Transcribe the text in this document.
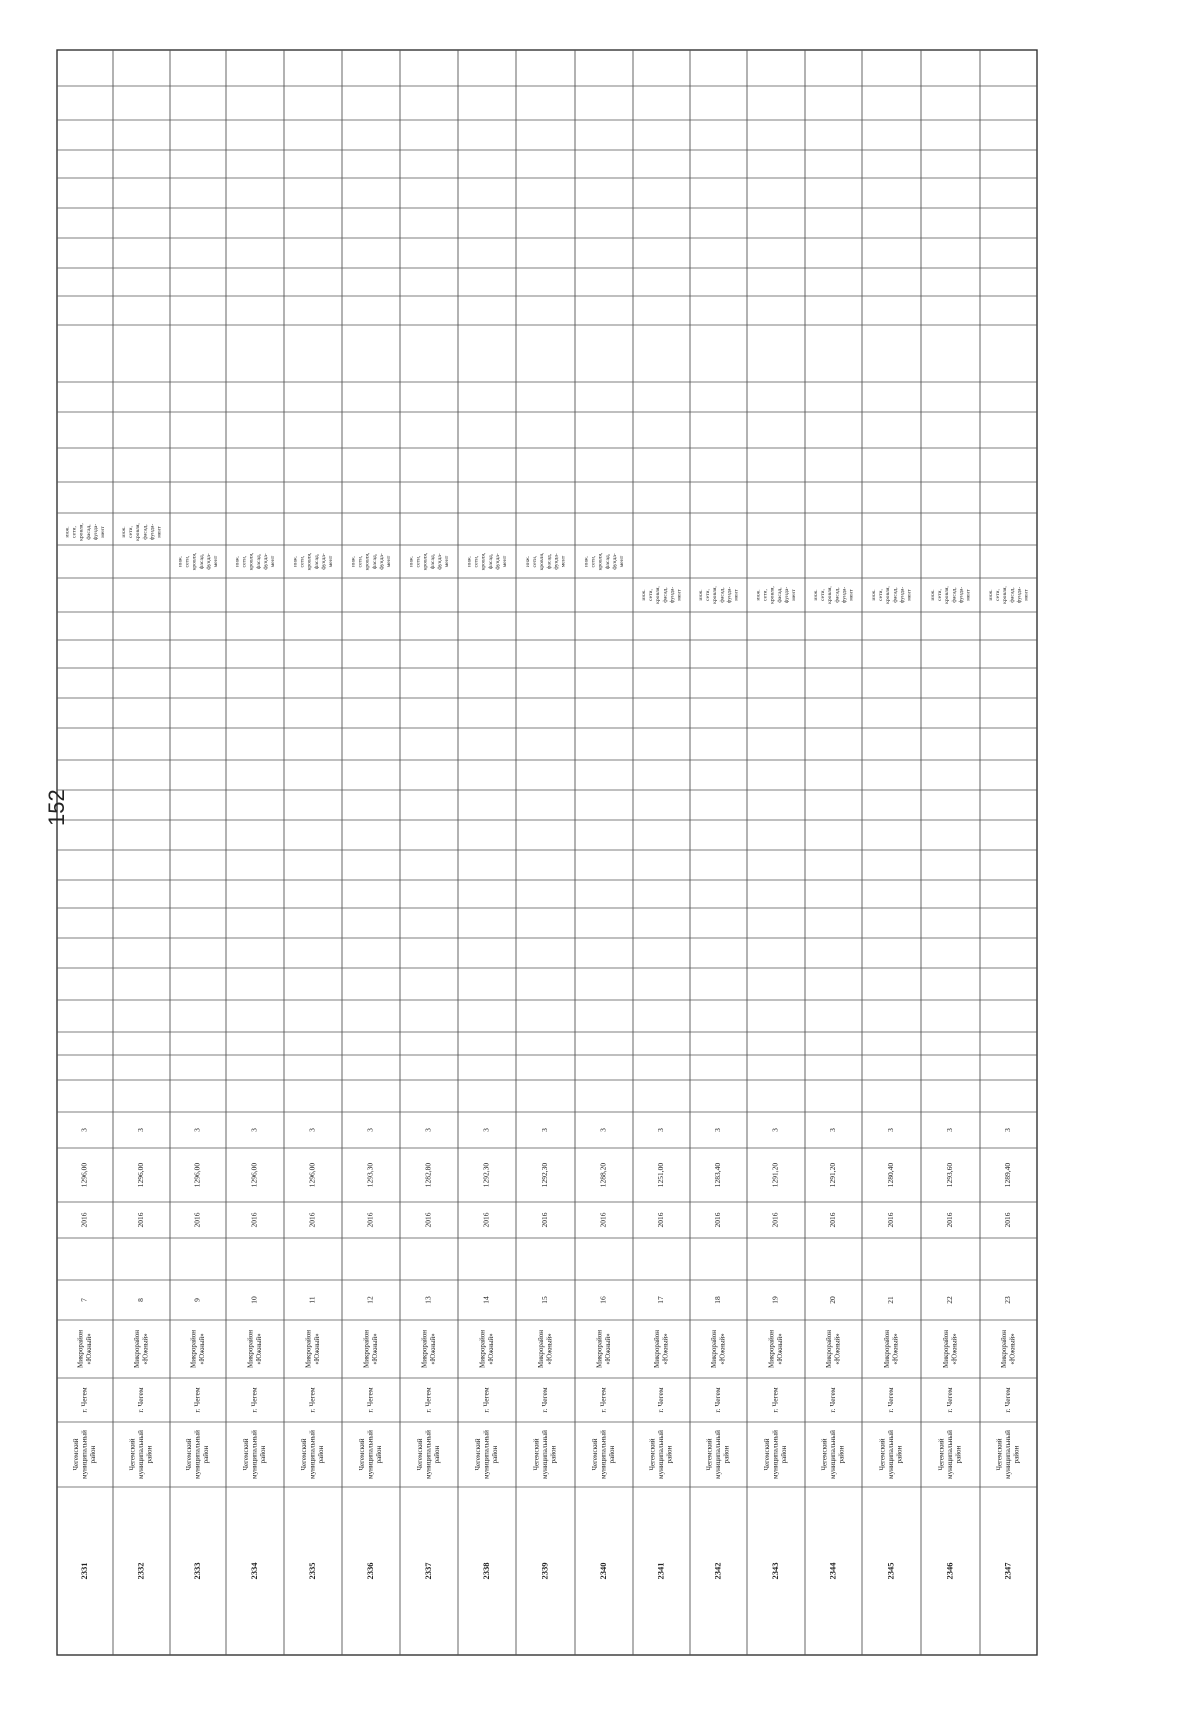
2331
Чегемский муниципальный район
г. Чегем
Микрорайон «Южный»
7
2016
1296,00
3
инж. сети, кровля, фасад, фунда- мент
2332
Чегемский муниципальный район
г. Чегем
Микрорайон «Южный»
8
2016
1296,00
3
инж. сети, кровля, фасад, фунда- мент
2333
Чегемский муниципальный район
г. Чегем
Микрорайон «Южный»
9
2016
1296,00
3
инж. сети, кровля, фасад, фунда- мент
2334
Чегемский муниципальный район
г. Чегем
Микрорайон «Южный»
10
2016
1296,00
3
инж. сети, кровля, фасад, фунда- мент
2335
Чегемский муниципальный район
г. Чегем
Микрорайон «Южный»
11
2016
1296,00
3
инж. сети, кровля, фасад, фунда- мент
2336
Чегемский муниципальный район
г. Чегем
Микрорайон «Южный»
12
2016
1293,30
3
инж. сети, кровля, фасад, фунда- мент
2337
Чегемский муниципальный район
г. Чегем
Микрорайон «Южный»
13
2016
1282,80
3
инж. сети, кровля, фасад, фунда- мент
2338
Чегемский муниципальный район
г. Чегем
Микрорайон «Южный»
14
2016
1292,30
3
инж. сети, кровля, фасад, фунда- мент
2339
Чегемский муниципальный район
г. Чегем
Микрорайон «Южный»
15
2016
1292,30
3
инж. сети, кровля, фасад, фунда- мент
2340
Чегемский муниципальный район
г. Чегем
Микрорайон «Южный»
16
2016
1288,20
3
инж. сети, кровля, фасад, фунда- мент
2341
Чегемский муниципальный район
г. Чегем
Микрорайон «Южный»
17
2016
1251,00
3
инж. сети, кровля, фасад, фунда- мент
2342
Чегемский муниципальный район
г. Чегем
Микрорайон «Южный»
18
2016
1283,40
3
инж. сети, кровля, фасад, фунда- мент
2343
Чегемский муниципальный район
г. Чегем
Микрорайон «Южный»
19
2016
1291,20
3
инж. сети, кровля, фасад, фунда- мент
2344
Чегемский муниципальный район
г. Чегем
Микрорайон «Южный»
20
2016
1291,20
3
инж. сети, кровля, фасад, фунда- мент
2345
Чегемский муниципальный район
г. Чегем
Микрорайон «Южный»
21
2016
1280,40
3
инж. сети, кровля, фасад, фунда- мент
2346
Чегемский муниципальный район
г. Чегем
Микрорайон «Южный»
22
2016
1293,60
3
инж. сети, кровля, фасад, фунда- мент
2347
Чегемский муниципальный район
г. Чегем
Микрорайон «Южный»
23
2016
1289,40
3
инж. сети, кровля, фасад, фунда- мент
152
